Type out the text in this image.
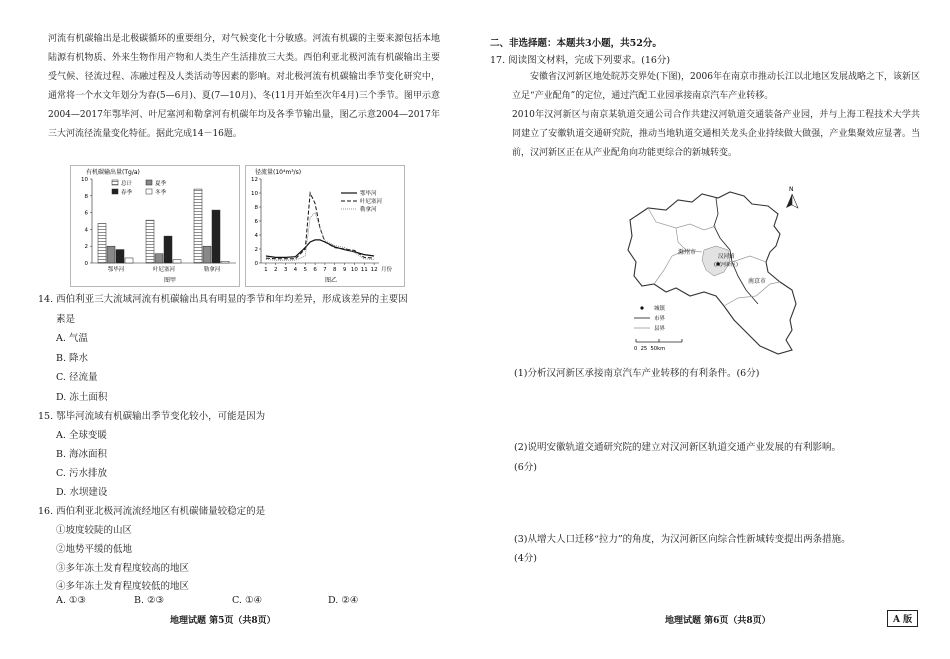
河流有机碳输出是北极碳循环的重要组分，对气候变化十分敏感。河流有机碳的主要来源包括本地陆源有机物质、外来生物作用产物和人类生产生活排放三大类。西伯利亚北极河流有机碳输出主要受气候、径流过程、冻融过程及人类活动等因素的影响。对北极河流有机碳输出季节变化研究中，通常将一个水文年划分为春(5—6月)、夏(7—10月)、冬(11月开始至次年4月)三个季节。图甲示意2004—2017年鄂毕河、叶尼塞河和勒拿河有机碳年均及各季节输出量，图乙示意2004—2017年三大河流径流量变化特征。据此完成14－16题。

有机碳输出量(Tg/a)
0
2
4
6
8
10
总计	夏季
春季	冬季
鄂毕河	叶尼塞河	勒拿河
图甲
径流量(10⁴m³/s)
0
2
4
6
8
10
12
1 2 3 4 5 6 7 8 9 10 11 12 月份
鄂毕河
叶尼塞河
勒拿河
图乙
14. 西伯利亚三大流域河流有机碳输出具有明显的季节和年均差异，形成该差异的主要因
素是
A. 气温
B. 降水
C. 径流量
D. 冻土面积
15. 鄂毕河流域有机碳输出季节变化较小，可能是因为
A. 全球变暖
B. 海冰面积
C. 污水排放
D. 水坝建设
16. 西伯利亚北极河流流经地区有机碳储量较稳定的是
①坡度较陡的山区
②地势平缓的低地
③多年冻土发育程度较高的地区
④多年冻土发育程度较低的地区
A. ①③	B. ②③	C. ①④	D. ②④
地理试题 第5页（共8页）
二、非选择题：本题共3小题，共52分。
17. 阅读图文材料，完成下列要求。(16分)

安徽省汉河新区地处皖苏交界处(下图)，2006年在南京市推动长江以北地区发展战略之下，该新区立足“产业配角”的定位，通过汽配工业园承接南京汽车产业转移。

2010年汉河新区与南京某轨道交通公司合作共建汉河轨道交通装备产业园，并与上海工程技术大学共同建立了安徽轨道交通研究院，推动当地轨道交通相关龙头企业持续做大做强，产业集聚效应显著。当前，汉河新区正在从产业配角向功能更综合的新城转变。

N
滁州市
汉河镇
(汉河新区)
南京市
城镇
市界
县界
0  25  50km
(1)分析汉河新区承接南京汽车产业转移的有利条件。(6分)
(2)说明安徽轨道交通研究院的建立对汉河新区轨道交通产业发展的有利影响。
(6分)
(3)从增大人口迁移“拉力”的角度，为汉河新区向综合性新城转变提出两条措施。
(4分)
地理试题 第6页（共8页）	A 版
